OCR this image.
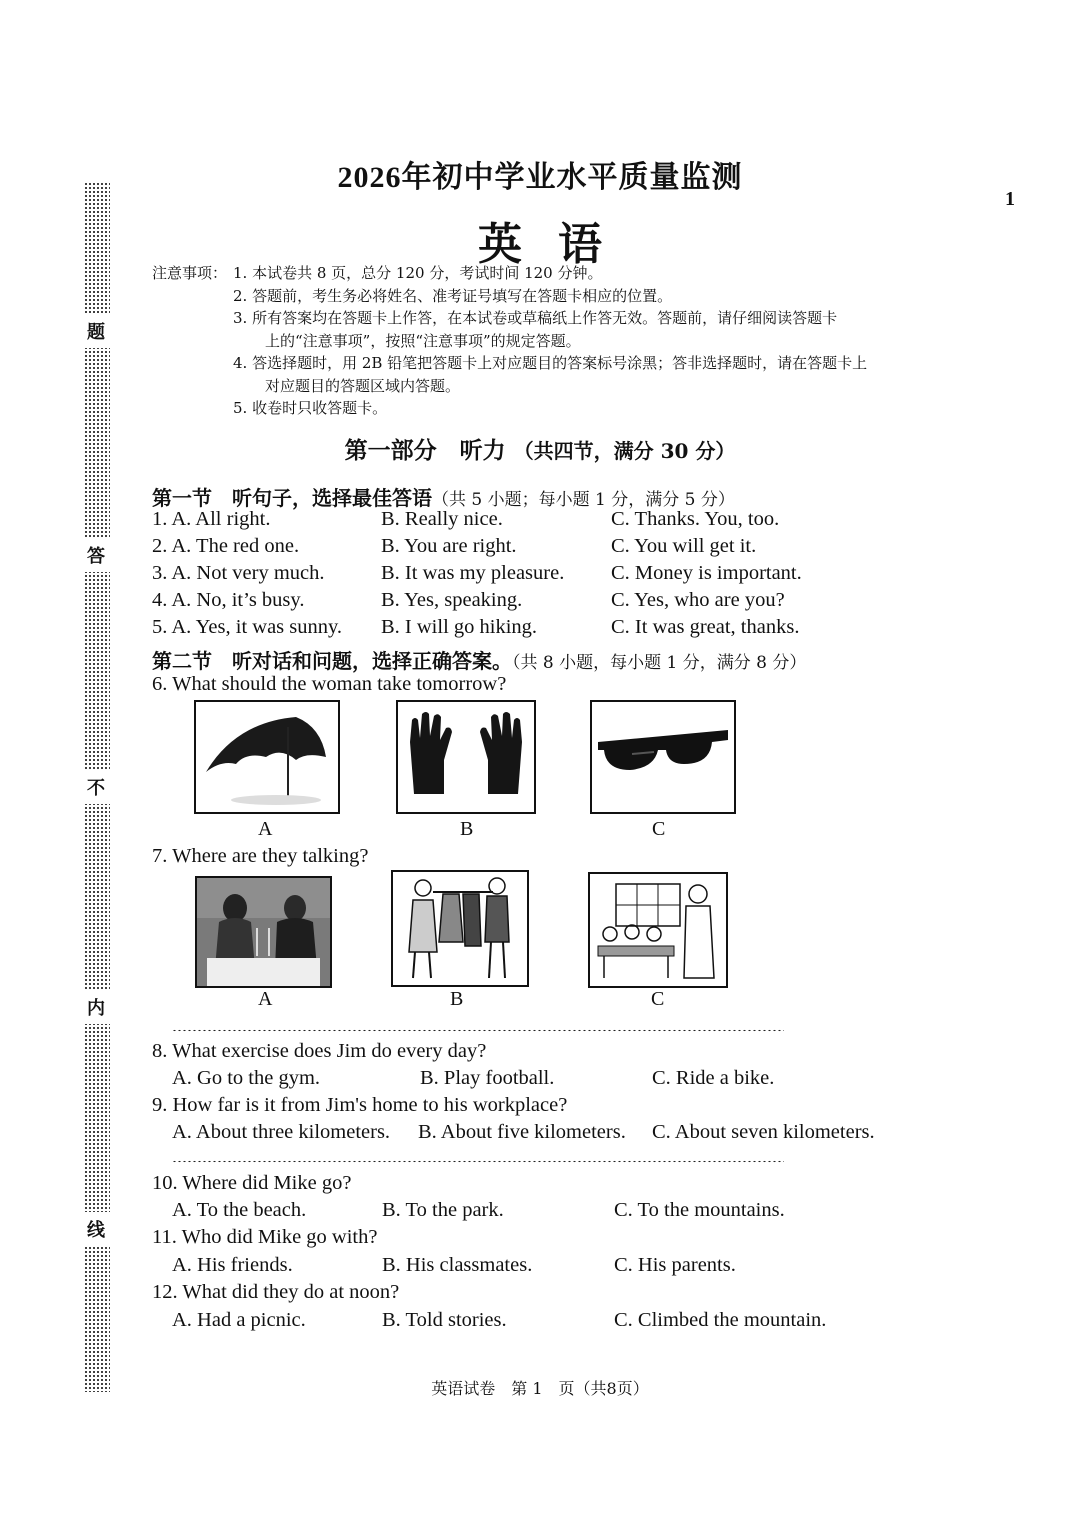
题
答
不
内
线
1
2026年初中学业水平质量监测
英语
注意事项： 1. 本试卷共 8 页，总分 120 分，考试时间 120 分钟。
2. 答题前，考生务必将姓名、准考证号填写在答题卡相应的位置。
3. 所有答案均在答题卡上作答，在本试卷或草稿纸上作答无效。答题前，请仔细阅读答题卡
上的“注意事项”，按照“注意事项”的规定答题。
4. 答选择题时，用 2B 铅笔把答题卡上对应题目的答案标号涂黑；答非选择题时，请在答题卡上
对应题目的答题区域内答题。
5. 收卷时只收答题卡。
第一部分　听力 （共四节，满分 30 分）
第一节　听句子，选择最佳答语（共 5 小题；每小题 1 分，满分 5 分）
1. A. All right.	B. Really nice.	C. Thanks. You, too.
2. A. The red one.	B. You are right.	C. You will get it.
3. A. Not very much.	B. It was my pleasure. C. Money is important.
4. A. No, it’s busy.	B. Yes, speaking.	C. Yes, who are you?
5. A. Yes, it was sunny. B. I will go hiking.	C. It was great, thanks.
第二节　听对话和问题，选择正确答案。（共 8 小题，每小题 1 分，满分 8 分）
6. What should the woman take tomorrow?
A	B	C
7. Where are they talking?
A	B	C
8. What exercise does Jim do every day?
A. Go to the gym.	B. Play football.	C. Ride a bike.
9. How far is it from Jim's home to his workplace?
A. About three kilometers. B. About five kilometers. C. About seven kilometers.
10. Where did Mike go?
A. To the beach.	B. To the park.	C. To the mountains.
11. Who did Mike go with?
A. His friends.	B. His classmates.	C. His parents.
12. What did they do at noon?
A. Had a picnic.	B. Told stories.	C. Climbed the mountain.
英语试卷　第 1　页（共8页）
